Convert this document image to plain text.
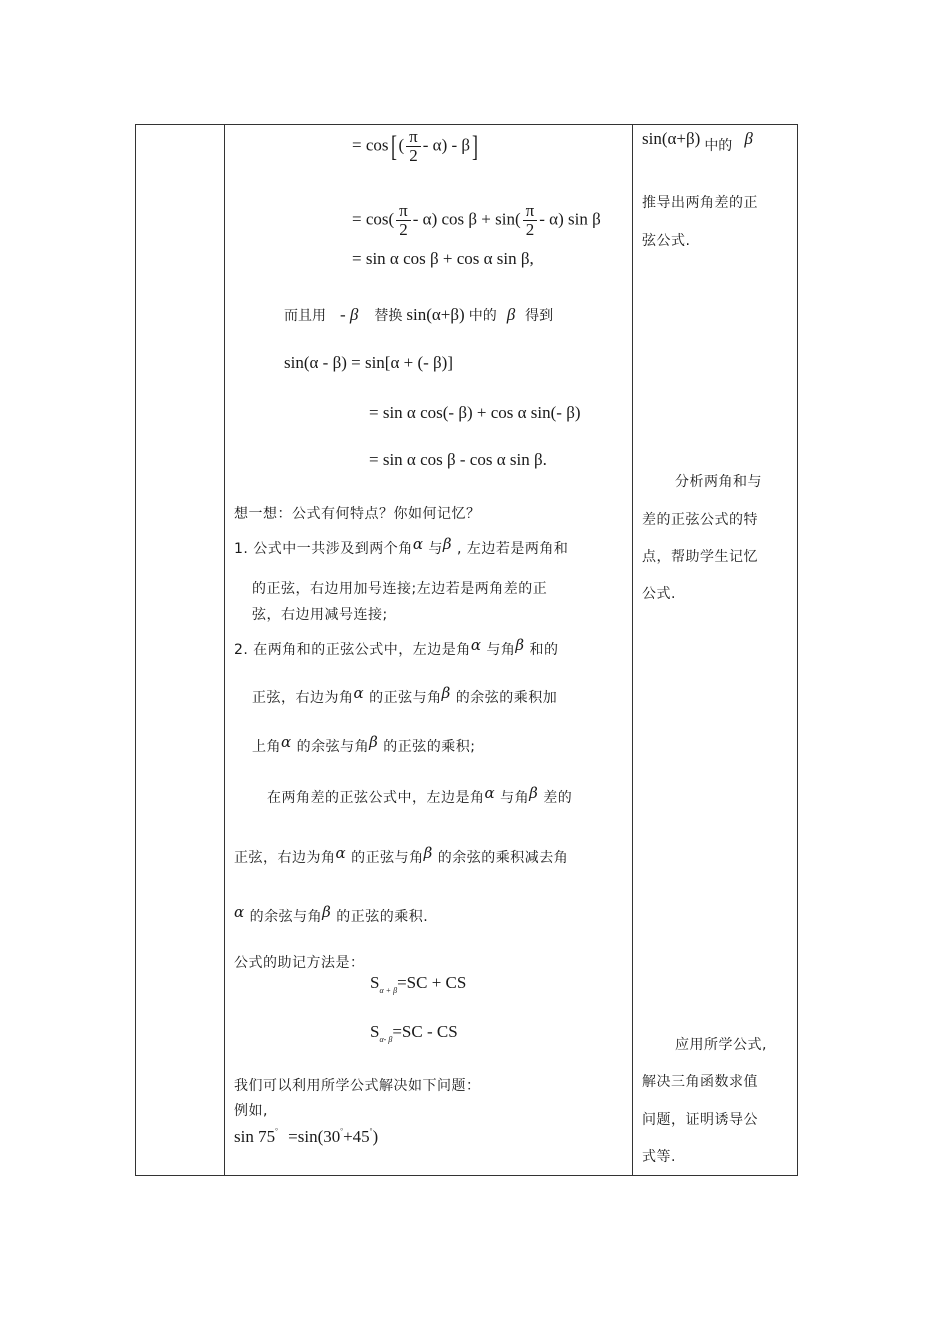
= cos[ ( $\frac{\pi}{2} - \alpha) - \beta$]
= $\cos( \frac{\pi}{2} - \alpha)$ $\cos \beta + \sin( \frac{\pi}{2} - \alpha)$ sin β
= sin α cos β + cos α sin β,
而且用 - β 替换 sin(α+β) 中的 β 得到
sin(α - β) = sin[α + (- β)]
= sin α cos(- β) + cos α sin(- β)
= sin α cos β - cos α sin β.
想一想：公式有何特点？你如何记忆？
1. 公式中一共涉及到两个角α 与β , 左边若是两角和
的正弦，右边用加号连接;左边若是两角差的正
弦，右边用减号连接;
2. 在两角和的正弦公式中，左边是角α 与角β 和的
正弦，右边为角α 的正弦与角β 的余弦的乘积加
上角α 的余弦与角β 的正弦的乘积;
在两角差的正弦公式中，左边是角α 与角β 差的
正弦，右边为角α 的正弦与角β 的余弦的乘积减去角
α 的余弦与角β 的正弦的乘积.
公式的助记方法是：
$S_{\alpha + \beta}=SC$ + CS
$S_{\alpha- \beta}=SC$ - CS
我们可以利用所学公式解决如下问题：
例如,
sin 75° =sin(30°+45°)
sin(α+β) 中的 β
推导出两角差的正
弦公式.
分析两角和与
差的正弦公式的特
点，帮助学生记忆
公式.
应用所学公式,
解决三角函数求值
问题，证明诱导公
式等.
